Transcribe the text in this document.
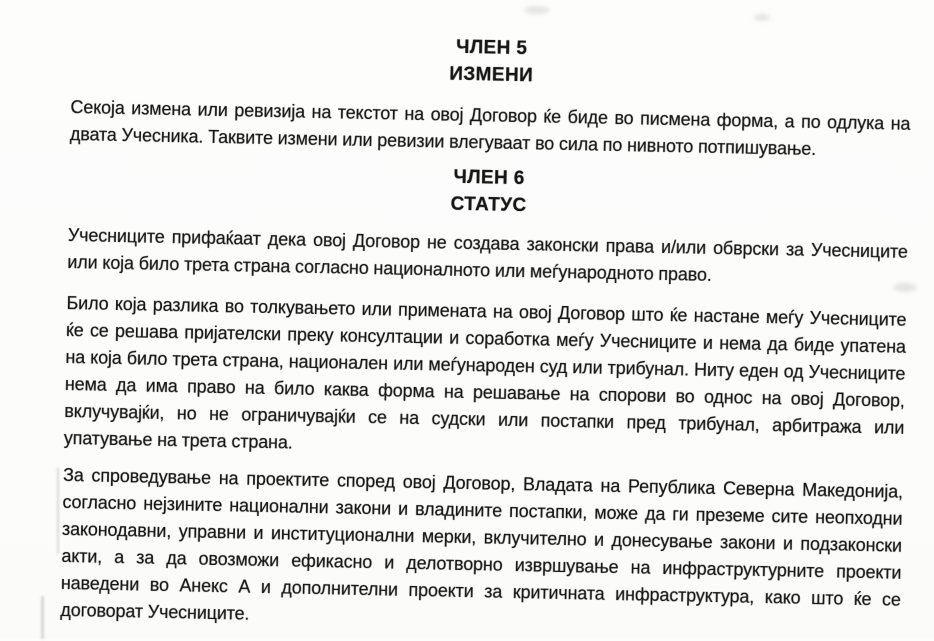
ЧЛЕН 5
ИЗМЕНИ

Секоја измена или ревизија на текстот на овој Договор ќе биде во писмена форма, а по одлука на двата Учесника. Таквите измени или ревизии влегуваат во сила по нивното потпишување.

ЧЛЕН 6
СТАТУС

Учесниците прифаќаат дека овој Договор не создава законски права и/или обврски за Учесниците или која било трета страна согласно националното или меѓународното право.

Било која разлика во толкувањето или примената на овој Договор што ќе настане меѓу Учесниците ќе се решава пријателски преку консултации и соработка меѓу Учесниците и нема да биде упатена на која било трета страна, национален или меѓународен суд или трибунал. Ниту еден од Учесниците нема да има право на било каква форма на решавање на спорови во однос на овој Договор, вклучувајќи, но не ограничувајќи се на судски или постапки пред трибунал, арбитража или упатување на трета страна.

За спроведување на проектите според овој Договор, Владата на Република Северна Македонија, согласно нејзините национални закони и владините постапки, може да ги преземе сите неопходни законодавни, управни и институционални мерки, вклучително и донесување закони и подзаконски акти, а за да овозможи ефикасно и делотворно извршување на инфраструктурните проекти наведени во Анекс А и дополнителни проекти за критичната инфраструктура, како што ќе се договорат Учесниците.
